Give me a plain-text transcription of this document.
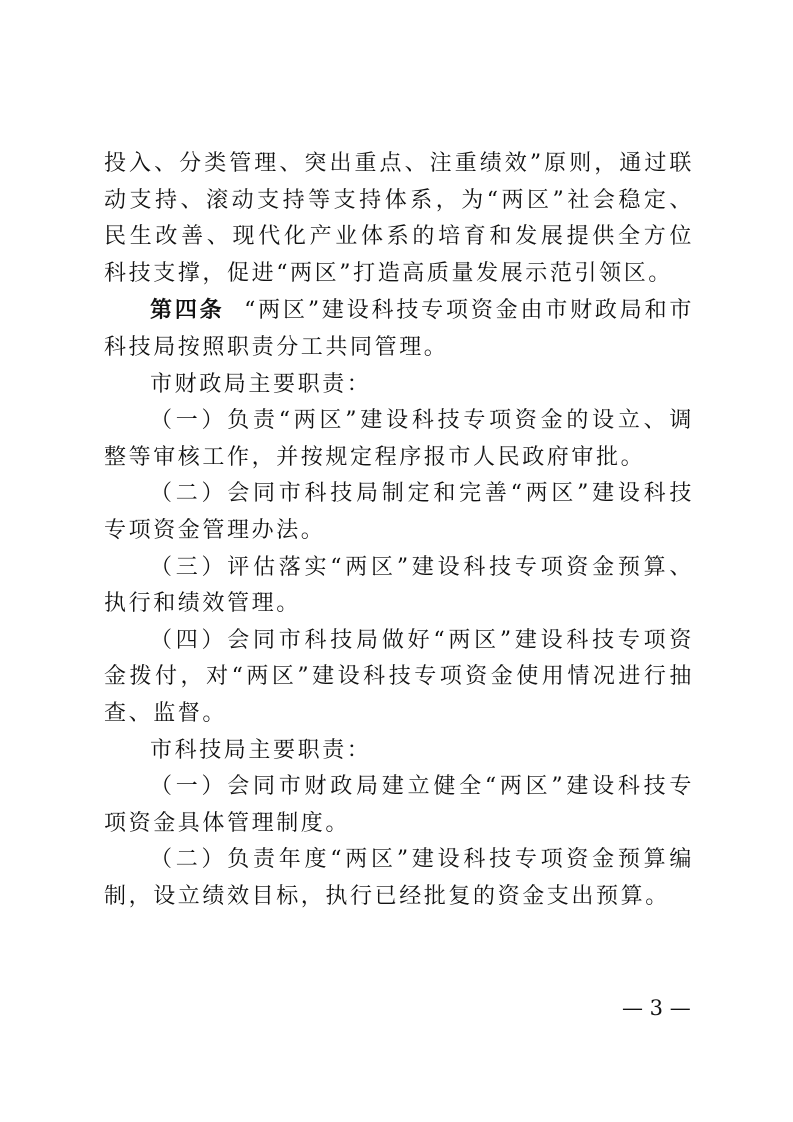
投入、分类管理、突出重点、注重绩效”原则，通过联动支持、滚动支持等支持体系，为“两区”社会稳定、民生改善、现代化产业体系的培育和发展提供全方位科技支撑，促进“两区”打造高质量发展示范引领区。

第四条 “两区”建设科技专项资金由市财政局和市科技局按照职责分工共同管理。

市财政局主要职责：

（一）负责“两区”建设科技专项资金的设立、调整等审核工作，并按规定程序报市人民政府审批。

（二）会同市科技局制定和完善“两区”建设科技专项资金管理办法。

（三）评估落实“两区”建设科技专项资金预算、执行和绩效管理。

（四）会同市科技局做好“两区”建设科技专项资金拨付，对“两区”建设科技专项资金使用情况进行抽查、监督。

市科技局主要职责：

（一）会同市财政局建立健全“两区”建设科技专项资金具体管理制度。

（二）负责年度“两区”建设科技专项资金预算编制，设立绩效目标，执行已经批复的资金支出预算。

— 3 —
